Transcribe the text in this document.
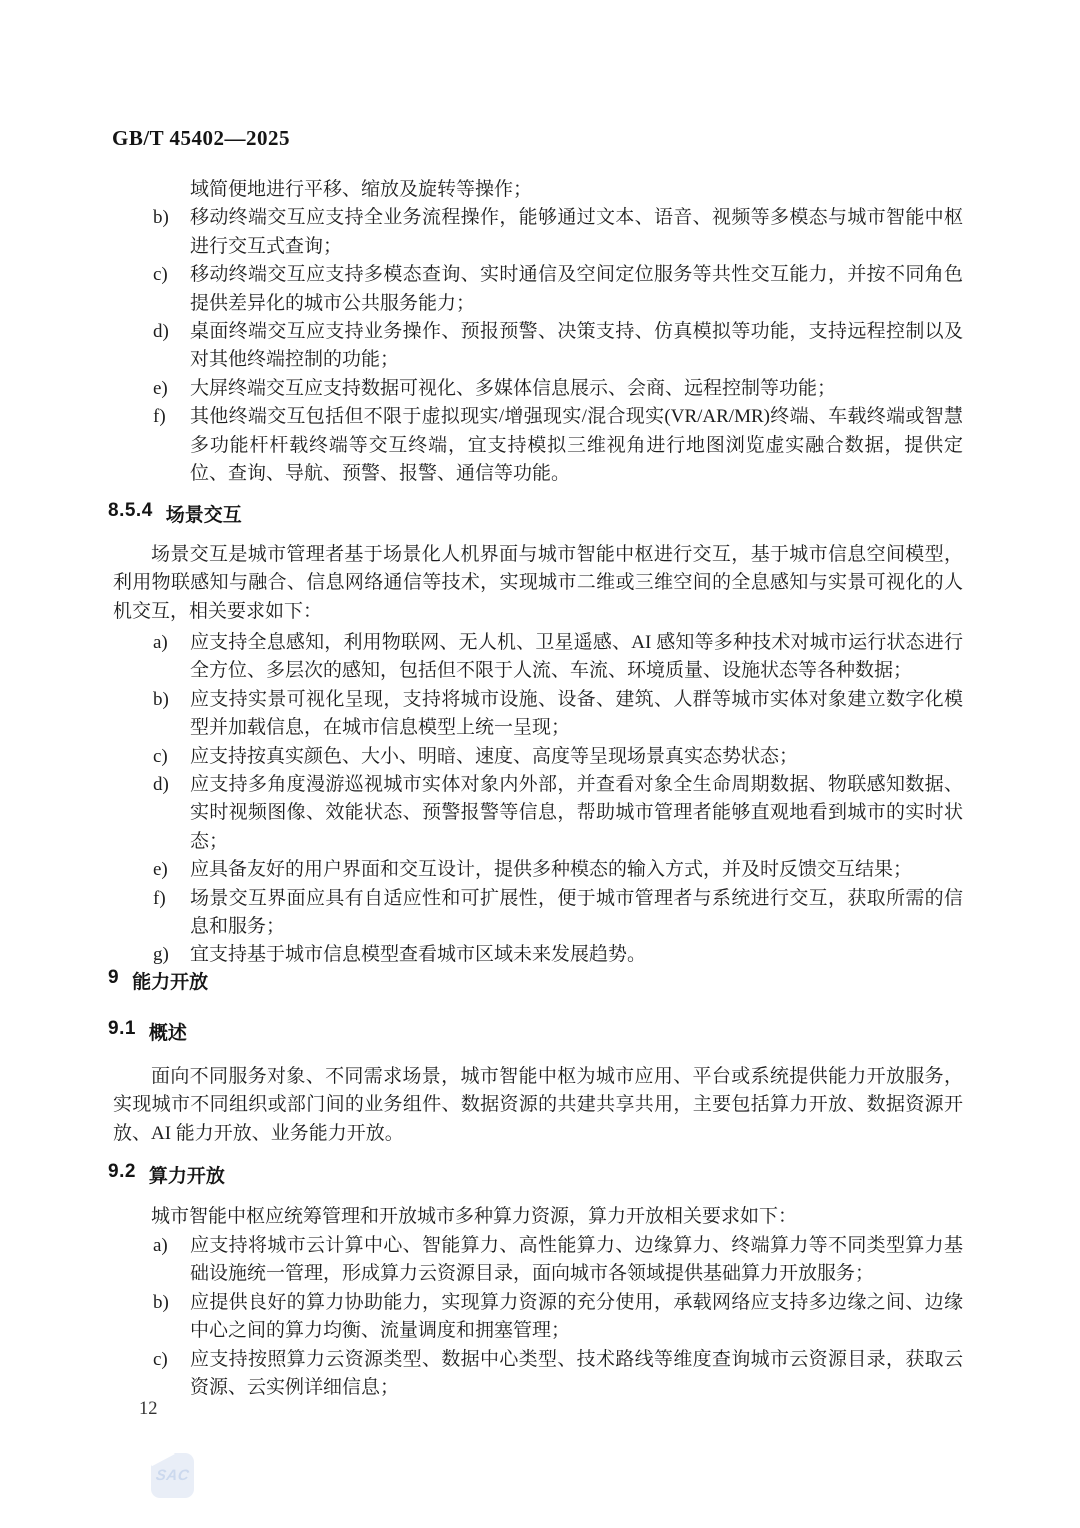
GB/T 45402—2025
域简便地进行平移、缩放及旋转等操作；
b) 移动终端交互应支持全业务流程操作，能够通过文本、语音、视频等多模态与城市智能中枢进行交互式查询；
c) 移动终端交互应支持多模态查询、实时通信及空间定位服务等共性交互能力，并按不同角色提供差异化的城市公共服务能力；
d) 桌面终端交互应支持业务操作、预报预警、决策支持、仿真模拟等功能，支持远程控制以及对其他终端控制的功能；
e) 大屏终端交互应支持数据可视化、多媒体信息展示、会商、远程控制等功能；
f) 其他终端交互包括但不限于虚拟现实/增强现实/混合现实(VR/AR/MR)终端、车载终端或智慧多功能杆杆载终端等交互终端，宜支持模拟三维视角进行地图浏览虚实融合数据，提供定位、查询、导航、预警、报警、通信等功能。
8.5.4 场景交互
场景交互是城市管理者基于场景化人机界面与城市智能中枢进行交互，基于城市信息空间模型，利用物联感知与融合、信息网络通信等技术，实现城市二维或三维空间的全息感知与实景可视化的人机交互，相关要求如下：
a) 应支持全息感知，利用物联网、无人机、卫星遥感、AI 感知等多种技术对城市运行状态进行全方位、多层次的感知，包括但不限于人流、车流、环境质量、设施状态等各种数据；
b) 应支持实景可视化呈现，支持将城市设施、设备、建筑、人群等城市实体对象建立数字化模型并加载信息，在城市信息模型上统一呈现；
c) 应支持按真实颜色、大小、明暗、速度、高度等呈现场景真实态势状态；
d) 应支持多角度漫游巡视城市实体对象内外部，并查看对象全生命周期数据、物联感知数据、实时视频图像、效能状态、预警报警等信息，帮助城市管理者能够直观地看到城市的实时状态；
e) 应具备友好的用户界面和交互设计，提供多种模态的输入方式，并及时反馈交互结果；
f) 场景交互界面应具有自适应性和可扩展性，便于城市管理者与系统进行交互，获取所需的信息和服务；
g) 宜支持基于城市信息模型查看城市区域未来发展趋势。
9 能力开放
9.1 概述
面向不同服务对象、不同需求场景，城市智能中枢为城市应用、平台或系统提供能力开放服务，实现城市不同组织或部门间的业务组件、数据资源的共建共享共用，主要包括算力开放、数据资源开放、AI 能力开放、业务能力开放。
9.2 算力开放
城市智能中枢应统筹管理和开放城市多种算力资源，算力开放相关要求如下：
a) 应支持将城市云计算中心、智能算力、高性能算力、边缘算力、终端算力等不同类型算力基础设施统一管理，形成算力云资源目录，面向城市各领域提供基础算力开放服务；
b) 应提供良好的算力协助能力，实现算力资源的充分使用，承载网络应支持多边缘之间、边缘中心之间的算力均衡、流量调度和拥塞管理；
c) 应支持按照算力云资源类型、数据中心类型、技术路线等维度查询城市云资源目录，获取云资源、云实例详细信息；
12
SAC
